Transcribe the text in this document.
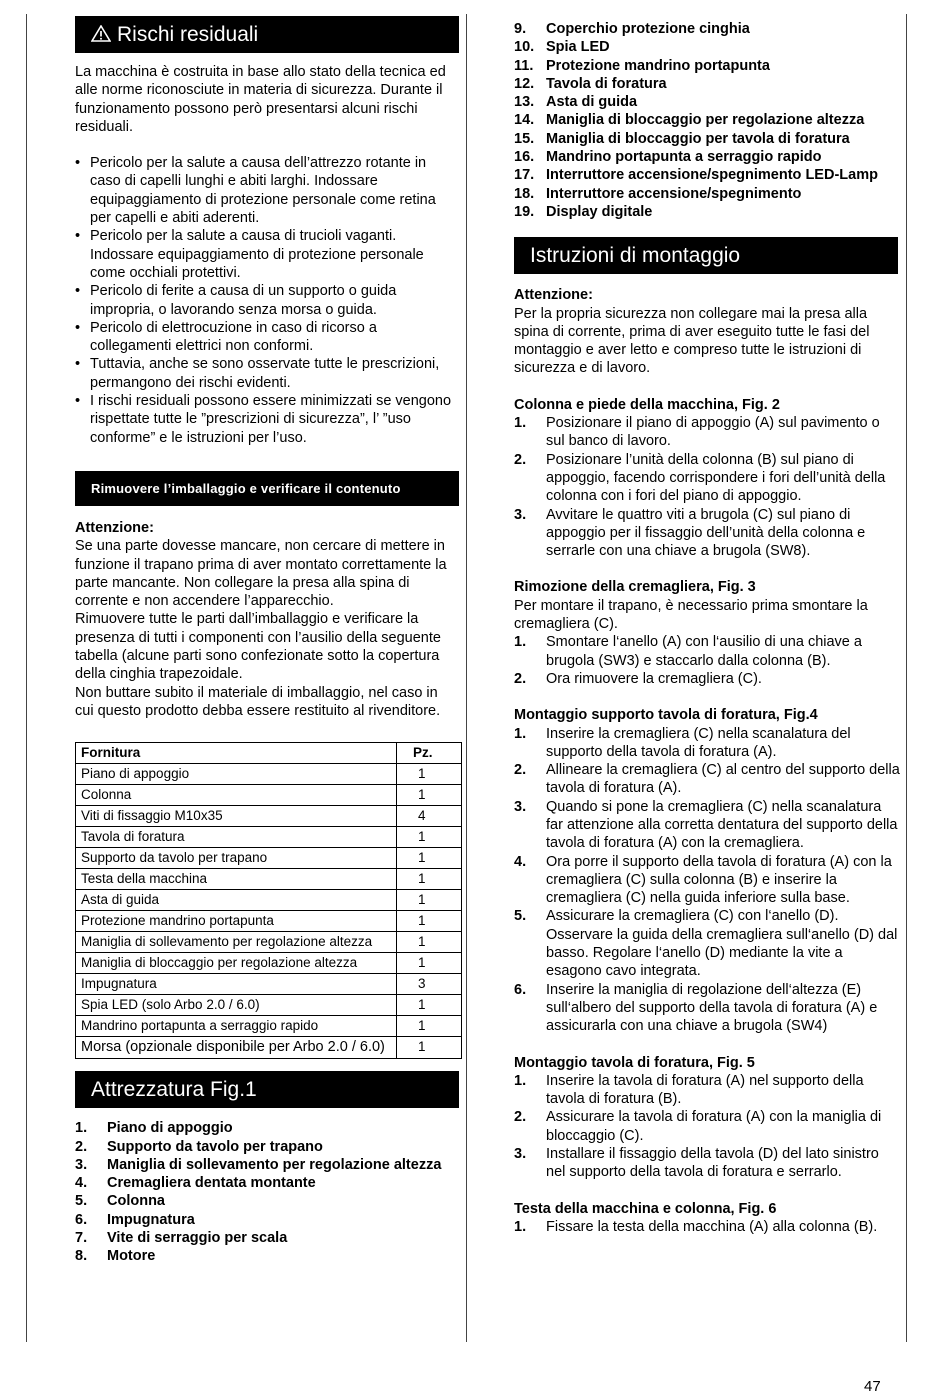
Rischi residuali

La macchina è costruita in base allo stato della tecnica ed alle norme riconosciute in materia di sicurezza. Durante il funzionamento possono però presentarsi alcuni rischi residuali.

• Pericolo per la salute a causa dell’attrezzo rotante in caso di capelli lunghi e abiti larghi. Indossare equipaggiamento di protezione personale come retina per capelli e abiti aderenti.
• Pericolo per la salute a causa di trucioli vaganti. Indossare equipaggiamento di protezione personale come occhiali protettivi.
• Pericolo di ferite a causa di un supporto o guida impropria, o lavorando senza morsa o guida.
• Pericolo di elettrocuzione in caso di ricorso a collegamenti elettrici non conformi.
• Tuttavia, anche se sono osservate tutte le prescrizioni, permangono dei rischi evidenti.
• I rischi residuali possono essere minimizzati se vengono rispettate tutte le ”prescrizioni di sicurezza”, l’ ”uso conforme” e le istruzioni per l’uso.
Rimuovere l’imballaggio e verificare il contenuto

Attenzione:

Se una parte dovesse mancare, non cercare di mettere in funzione il trapano prima di aver montato correttamente la parte mancante. Non collegare la presa alla spina di corrente e non accendere l’apparecchio.

Rimuovere tutte le parti dall’imballaggio e verificare la presenza di tutti i componenti con l’ausilio della seguente tabella (alcune parti sono confezionate sotto la copertura della cinghia trapezoidale.

Non buttare subito il materiale di imballaggio, nel caso in cui questo prodotto debba essere restituito al rivenditore.

Fornitura	Pz.
Piano di appoggio	1
Colonna	1
Viti di fissaggio M10x35	4
Tavola di foratura	1
Supporto da tavolo per trapano	1
Testa della macchina	1
Asta di guida	1
Protezione mandrino portapunta	1
Maniglia di sollevamento per regolazione altezza	1
Maniglia di bloccaggio per regolazione altezza	1
Impugnatura	3
Spia LED (solo Arbo 2.0 / 6.0)	1
Mandrino portapunta a serraggio rapido	1
Morsa (opzionale disponibile per Arbo 2.0 / 6.0)	1
Attrezzatura Fig.1
1.	Piano di appoggio
2.	Supporto da tavolo per trapano
3.	Maniglia di sollevamento per regolazione altezza
4.	Cremagliera dentata montante
5.	Colonna
6.	Impugnatura
7.	Vite di serraggio per scala
8.	Motore
9.	Coperchio protezione cinghia
10. Spia LED
11. Protezione mandrino portapunta
12. Tavola di foratura
13. Asta di guida
14. Maniglia di bloccaggio per regolazione altezza
15. Maniglia di bloccaggio per tavola di foratura
16. Mandrino portapunta a serraggio rapido
17. Interruttore accensione/spegnimento LED-Lamp
18. Interruttore accensione/spegnimento
19. Display digitale
Istruzioni di montaggio

Attenzione:

Per la propria sicurezza non collegare mai la presa alla spina di corrente, prima di aver eseguito tutte le fasi del montaggio e aver letto e compreso tutte le istruzioni di sicurezza e di lavoro.

Colonna e piede della macchina, Fig. 2

1.	Posizionare il piano di appoggio (A) sul pavimento o sul banco di lavoro.
2.	Posizionare l’unità della colonna (B) sul piano di appoggio, facendo corrispondere i fori dell’unità della colonna con i fori del piano di appoggio.
3.	Avvitare le quattro viti a brugola (C) sul piano di appoggio per il fissaggio dell’unità della colonna e serrarle con una chiave a brugola (SW8).

Rimozione della cremagliera, Fig. 3

Per montare il trapano, è necessario prima smontare la cremagliera (C).

1.	Smontare l‘anello (A) con l‘ausilio di una chiave a brugola (SW3) e staccarlo dalla colonna (B).
2.	Ora rimuovere la cremagliera (C).

Montaggio supporto tavola di foratura, Fig.4

1.	Inserire la cremagliera (C) nella scanalatura del supporto della tavola di foratura (A).
2.	Allineare la cremagliera (C) al centro del supporto della tavola di foratura (A).
3.	Quando si pone la cremagliera (C) nella scanalatura far attenzione alla corretta dentatura del supporto della tavola di foratura (A) con la cremagliera.
4.	Ora porre il supporto della tavola di foratura (A) con la cremagliera (C) sulla colonna (B) e inserire la cremagliera (C) nella guida inferiore sulla base.
5.	Assicurare la cremagliera (C) con l‘anello (D). Osservare la guida della cremagliera sull‘anello (D) dal basso. Regolare l‘anello (D) mediante la vite a esagono cavo integrata.
6.	Inserire la maniglia di regolazione dell‘altezza (E) sull‘albero del supporto della tavola di foratura (A) e assicurarla con una chiave a brugola (SW4)

Montaggio tavola di foratura, Fig. 5

1.	Inserire la tavola di foratura (A) nel supporto della tavola di foratura (B).
2.	Assicurare la tavola di foratura (A) con la maniglia di bloccaggio (C).
3.	Installare il fissaggio della tavola (D) del lato sinistro nel supporto della tavola di foratura e serrarlo.

Testa della macchina e colonna, Fig. 6

1.	Fissare la testa della macchina (A) alla colonna (B).
47
